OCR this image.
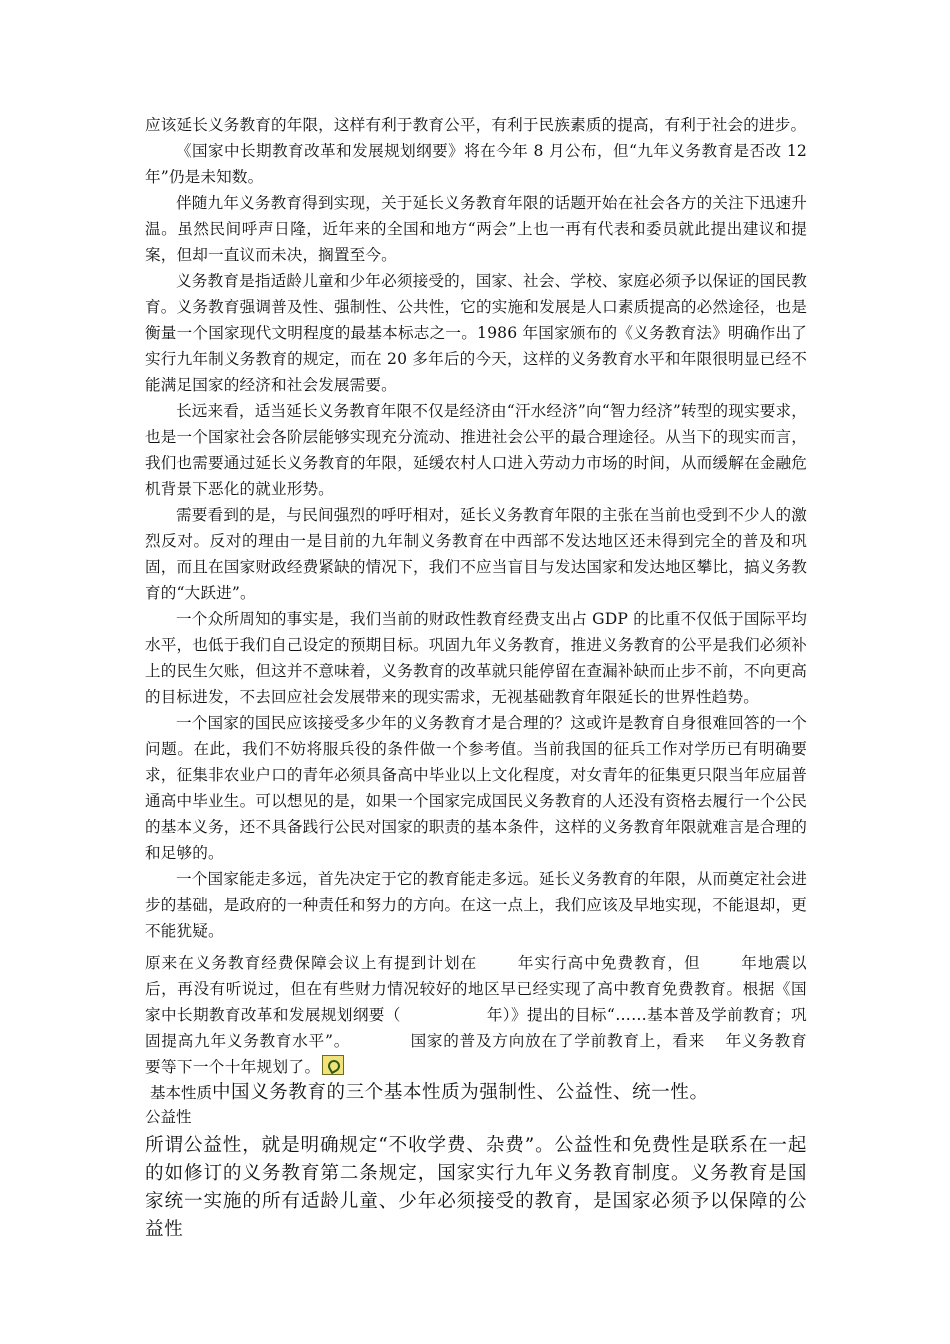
应该延长义务教育的年限，这样有利于教育公平，有利于民族素质的提高，有利于社会的进步。

《国家中长期教育改革和发展规划纲要》将在今年 8 月公布，但“九年义务教育是否改 12 年”仍是未知数。

伴随九年义务教育得到实现，关于延长义务教育年限的话题开始在社会各方的关注下迅速升温。虽然民间呼声日隆，近年来的全国和地方“两会”上也一再有代表和委员就此提出建议和提案，但却一直议而未决，搁置至今。

义务教育是指适龄儿童和少年必须接受的，国家、社会、学校、家庭必须予以保证的国民教育。义务教育强调普及性、强制性、公共性，它的实施和发展是人口素质提高的必然途径，也是衡量一个国家现代文明程度的最基本标志之一。1986 年国家颁布的《义务教育法》明确作出了实行九年制义务教育的规定，而在 20 多年后的今天，这样的义务教育水平和年限很明显已经不能满足国家的经济和社会发展需要。

长远来看，适当延长义务教育年限不仅是经济由“汗水经济”向“智力经济”转型的现实要求，也是一个国家社会各阶层能够实现充分流动、推进社会公平的最合理途径。从当下的现实而言，我们也需要通过延长义务教育的年限，延缓农村人口进入劳动力市场的时间，从而缓解在金融危机背景下恶化的就业形势。

需要看到的是，与民间强烈的呼吁相对，延长义务教育年限的主张在当前也受到不少人的激烈反对。反对的理由一是目前的九年制义务教育在中西部不发达地区还未得到完全的普及和巩固，而且在国家财政经费紧缺的情况下，我们不应当盲目与发达国家和发达地区攀比，搞义务教育的“大跃进”。

一个众所周知的事实是，我们当前的财政性教育经费支出占 GDP 的比重不仅低于国际平均水平，也低于我们自己设定的预期目标。巩固九年义务教育，推进义务教育的公平是我们必须补上的民生欠账，但这并不意味着，义务教育的改革就只能停留在查漏补缺而止步不前，不向更高的目标进发，不去回应社会发展带来的现实需求，无视基础教育年限延长的世界性趋势。

一个国家的国民应该接受多少年的义务教育才是合理的？这或许是教育自身很难回答的一个问题。在此，我们不妨将服兵役的条件做一个参考值。当前我国的征兵工作对学历已有明确要求，征集非农业户口的青年必须具备高中毕业以上文化程度，对女青年的征集更只限当年应届普通高中毕业生。可以想见的是，如果一个国家完成国民义务教育的人还没有资格去履行一个公民的基本义务，还不具备践行公民对国家的职责的基本条件，这样的义务教育年限就难言是合理的和足够的。

一个国家能走多远，首先决定于它的教育能走多远。延长义务教育的年限，从而奠定社会进步的基础，是政府的一种责任和努力的方向。在这一点上，我们应该及早地实现，不能退却，更不能犹疑。

原来在义务教育经费保障会议上有提到计划在	年实行高中免费教育，但	年地震以后，再没有听说过，但在有些财力情况较好的地区早已经实现了高中教育免费教育。根据《国家中长期教育改革和发展规划纲要（	年）》提出的目标“……基本普及学前教育；巩固提高九年义务教育水平”。	国家的普及方向放在了学前教育上，看来 年义务教育要等下一个十年规划了。

基本性质中国义务教育的三个基本性质为强制性、公益性、统一性。
公益性

所谓公益性，就是明确规定“不收学费、杂费”。公益性和免费性是联系在一起的如修订的义务教育第二条规定，国家实行九年义务教育制度。义务教育是国家统一实施的所有适龄儿童、少年必须接受的教育，是国家必须予以保障的公益性
